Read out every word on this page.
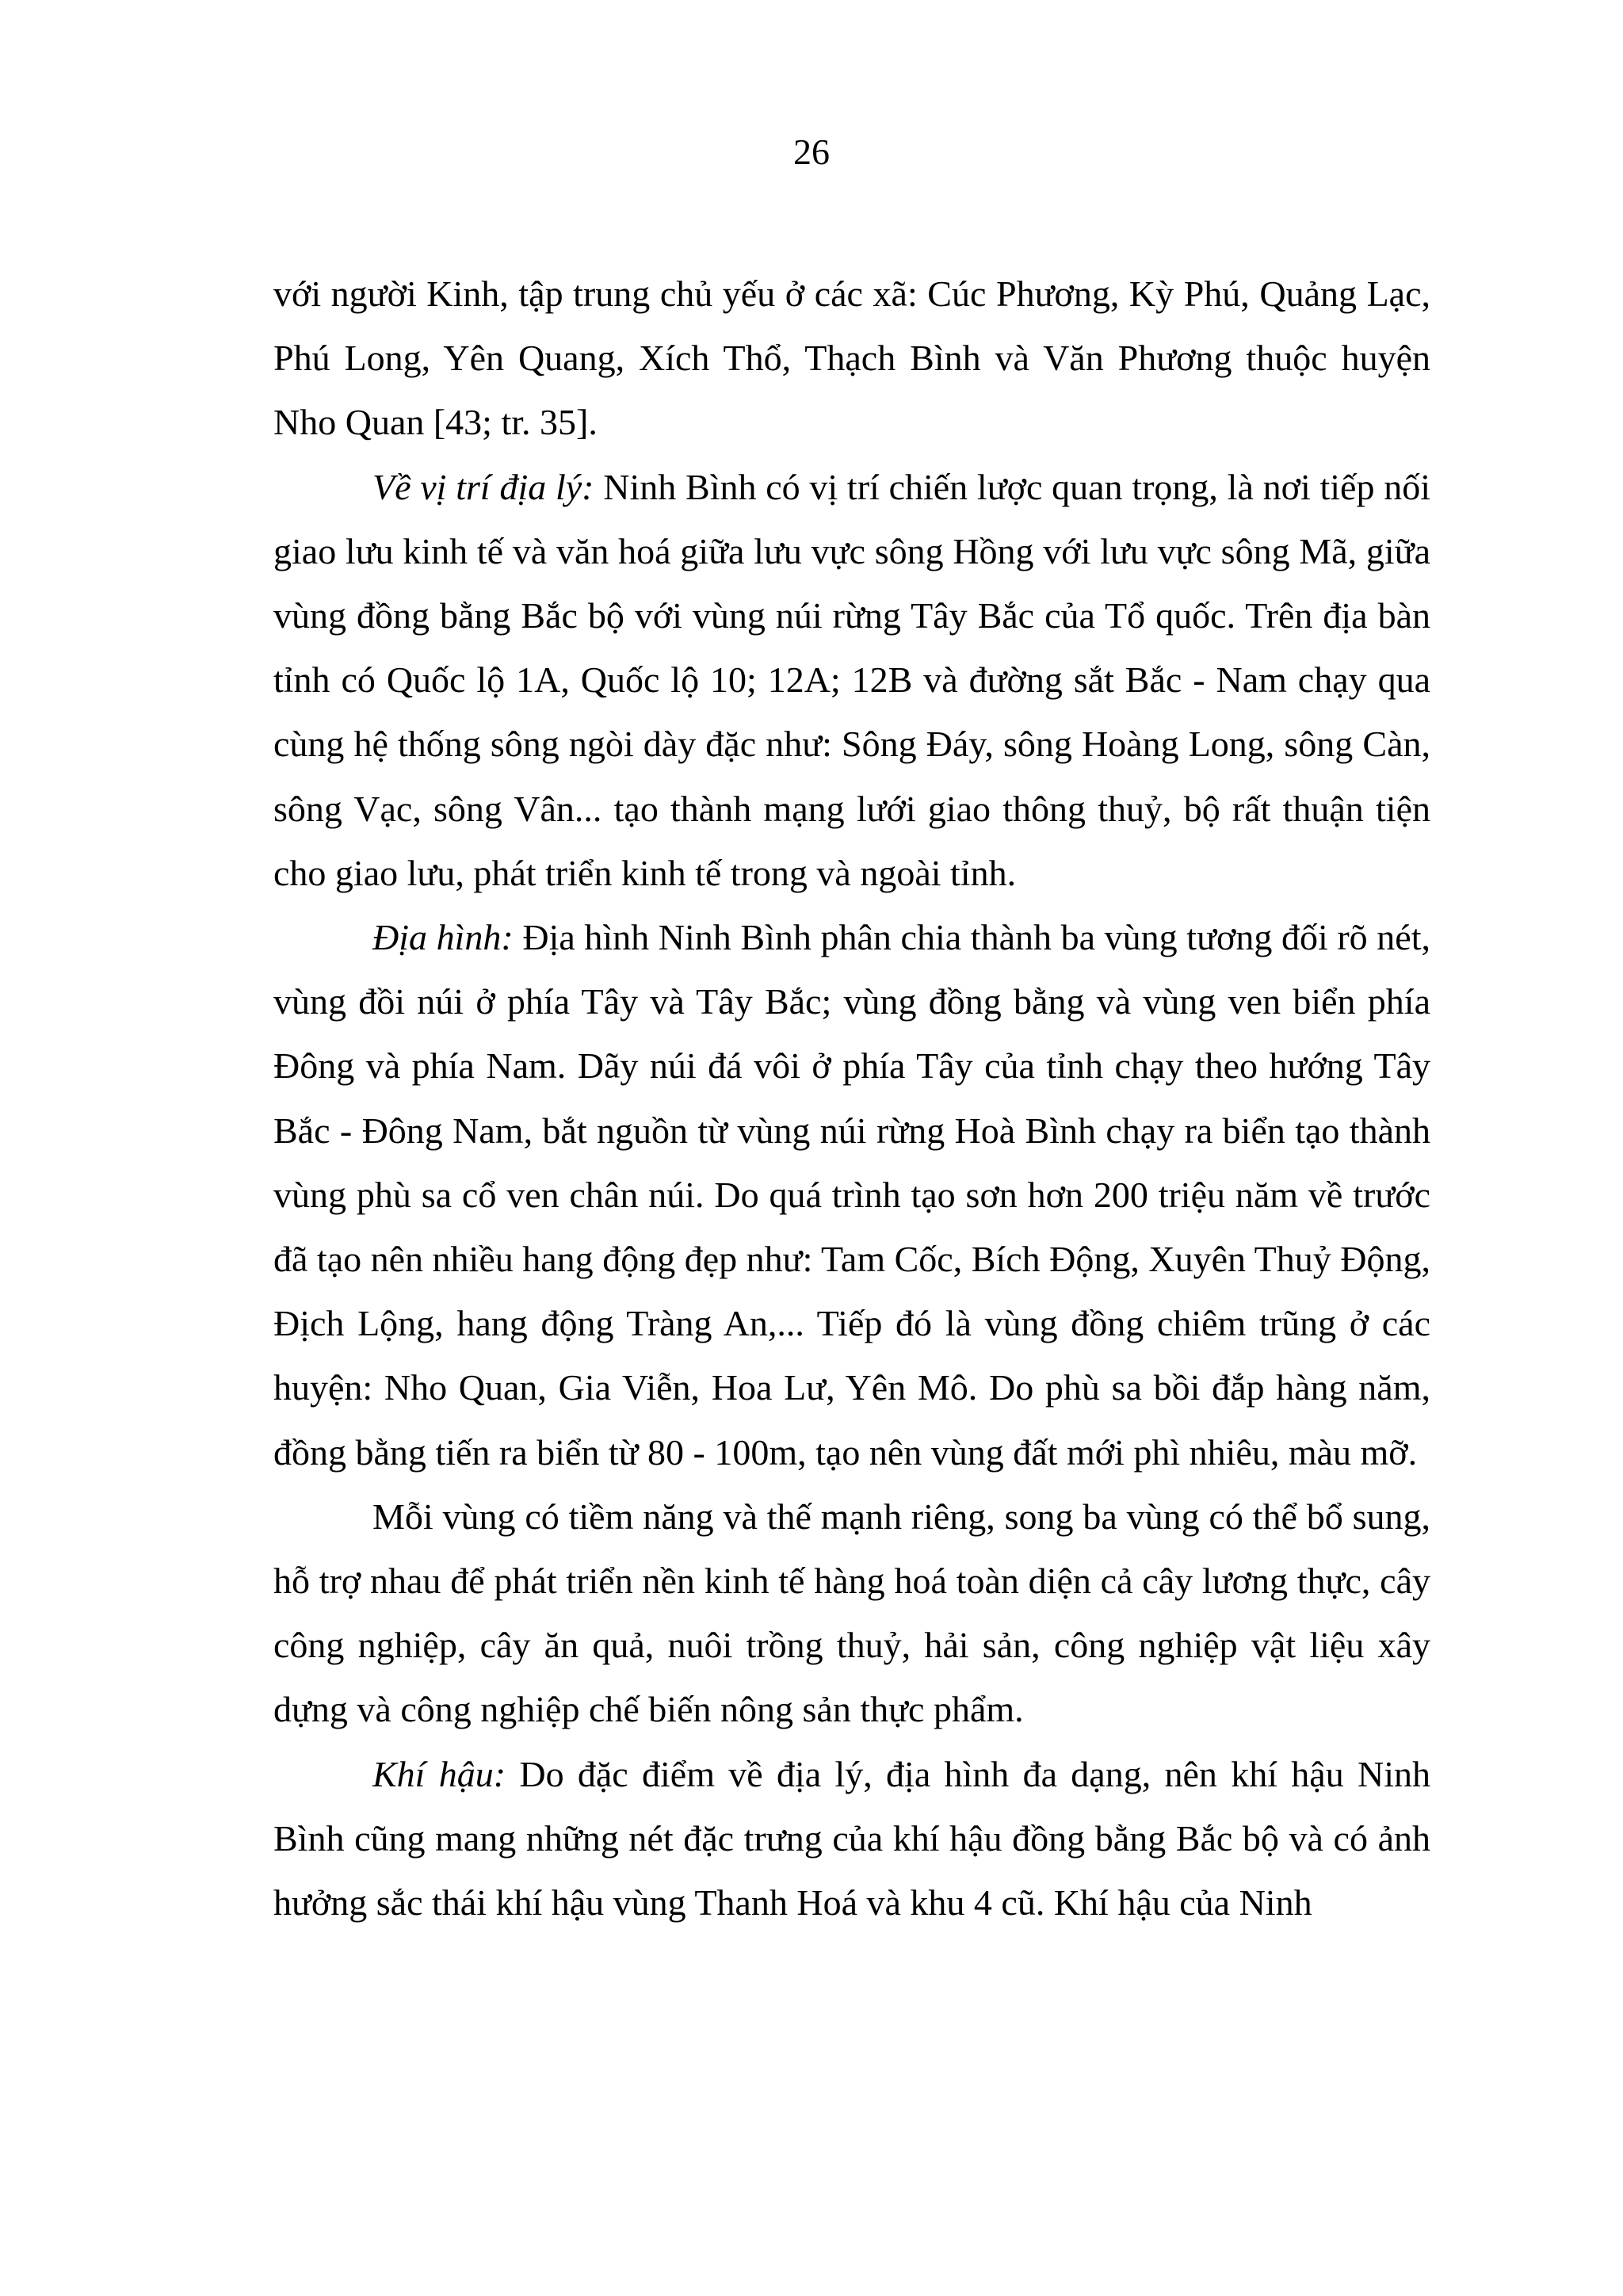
26

với người Kinh, tập trung chủ yếu ở các xã: Cúc Phương, Kỳ Phú, Quảng Lạc, Phú Long, Yên Quang, Xích Thổ, Thạch Bình và Văn Phương thuộc huyện Nho Quan [43; tr. 35].

Về vị trí địa lý: Ninh Bình có vị trí chiến lược quan trọng, là nơi tiếp nối giao lưu kinh tế và văn hoá giữa lưu vực sông Hồng với lưu vực sông Mã, giữa vùng đồng bằng Bắc bộ với vùng núi rừng Tây Bắc của Tổ quốc. Trên địa bàn tỉnh có Quốc lộ 1A, Quốc lộ 10; 12A; 12B và đường sắt Bắc - Nam chạy qua cùng hệ thống sông ngòi dày đặc như: Sông Đáy, sông Hoàng Long, sông Càn, sông Vạc, sông Vân... tạo thành mạng lưới giao thông thuỷ, bộ rất thuận tiện cho giao lưu, phát triển kinh tế trong và ngoài tỉnh.

Địa hình: Địa hình Ninh Bình phân chia thành ba vùng tương đối rõ nét, vùng đồi núi ở phía Tây và Tây Bắc; vùng đồng bằng và vùng ven biển phía Đông và phía Nam. Dãy núi đá vôi ở phía Tây của tỉnh chạy theo hướng Tây Bắc - Đông Nam, bắt nguồn từ vùng núi rừng Hoà Bình chạy ra biển tạo thành vùng phù sa cổ ven chân núi. Do quá trình tạo sơn hơn 200 triệu năm về trước đã tạo nên nhiều hang động đẹp như: Tam Cốc, Bích Động, Xuyên Thuỷ Động, Địch Lộng, hang động Tràng An,... Tiếp đó là vùng đồng chiêm trũng ở các huyện: Nho Quan, Gia Viễn, Hoa Lư, Yên Mô. Do phù sa bồi đắp hàng năm, đồng bằng tiến ra biển từ 80 - 100m, tạo nên vùng đất mới phì nhiêu, màu mỡ.

Mỗi vùng có tiềm năng và thế mạnh riêng, song ba vùng có thể bổ sung, hỗ trợ nhau để phát triển nền kinh tế hàng hoá toàn diện cả cây lương thực, cây công nghiệp, cây ăn quả, nuôi trồng thuỷ, hải sản, công nghiệp vật liệu xây dựng và công nghiệp chế biến nông sản thực phẩm.

Khí hậu: Do đặc điểm về địa lý, địa hình đa dạng, nên khí hậu Ninh Bình cũng mang những nét đặc trưng của khí hậu đồng bằng Bắc bộ và có ảnh hưởng sắc thái khí hậu vùng Thanh Hoá và khu 4 cũ. Khí hậu của Ninh
